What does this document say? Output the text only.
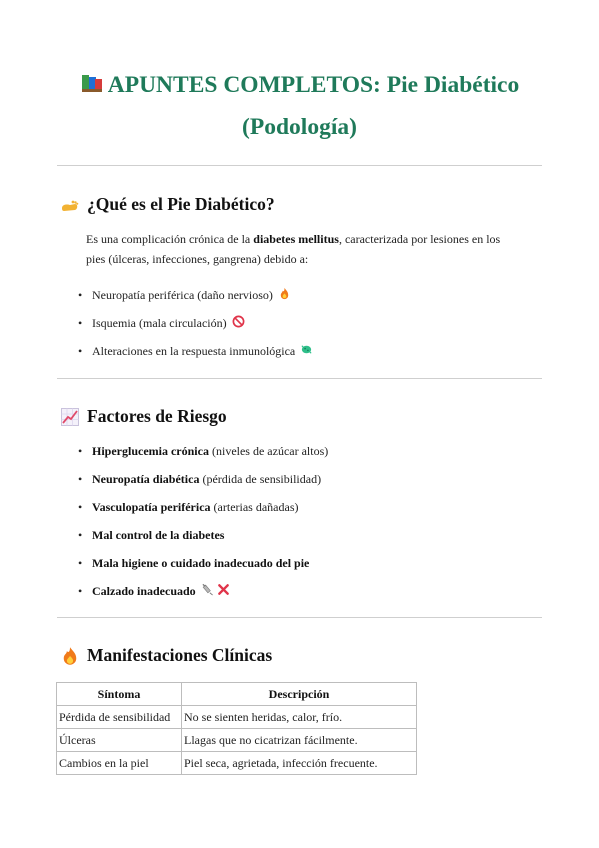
APUNTES COMPLETOS: Pie Diabético
(Podología)
¿Qué es el Pie Diabético?
Es una complicación crónica de la diabetes mellitus, caracterizada por lesiones en los pies (úlceras, infecciones, gangrena) debido a:
• Neuropatía periférica (daño nervioso)
• Isquemia (mala circulación)
• Alteraciones en la respuesta inmunológica
Factores de Riesgo
• Hiperglucemia crónica (niveles de azúcar altos)
• Neuropatía diabética (pérdida de sensibilidad)
• Vasculopatía periférica (arterias dañadas)
• Mal control de la diabetes
• Mala higiene o cuidado inadecuado del pie
• Calzado inadecuado
Manifestaciones Clínicas
Síntoma	Descripción
Pérdida de sensibilidad	No se sienten heridas, calor, frío.
Úlceras	Llagas que no cicatrizan fácilmente.
Cambios en la piel	Piel seca, agrietada, infección frecuente.
